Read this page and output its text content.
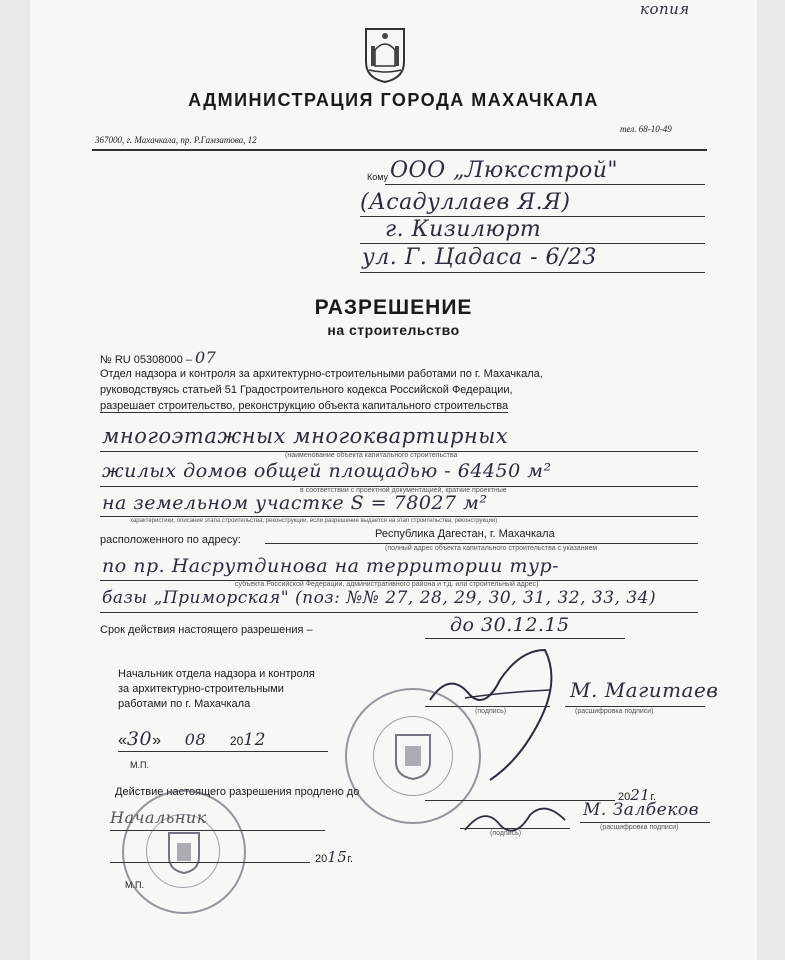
копия
АДМИНИСТРАЦИЯ ГОРОДА МАХАЧКАЛА
367000, г. Махачкала, пр. Р.Гамзатова, 12
тел. 68-10-49
Кому ООО „Люксстрой"
(Асадуллаев Я.Я)
г. Кизилюрт
ул. Г. Цадаса - 6/23
РАЗРЕШЕНИЕ
на строительство
№ RU 05308000 – 07
Отдел надзора и контроля за архитектурно-строительными работами по г. Махачкала,
руководствуясь статьей 51 Градостроительного кодекса Российской Федерации,
разрешает строительство, реконструкцию объекта капитального строительства
многоэтажных многоквартирных
(наименование объекта капитального строительства
жилых домов общей площадью - 64450 м²
в соответствии с проектной документацией, краткие проектные
на земельном участке S = 78027 м²
характеристики, описание этапа строительства, реконструкции, если разрешение выдается на этап строительства, реконструкции)
расположенного по адресу:	Республика Дагестан, г. Махачкала
(полный адрес объекта капитального строительства с указанием
по пр. Насрутдинова на территории тур-
субъекта Российской Федерации, административного района и т.д. или строительный адрес)
базы „Приморская" (поз: №№ 27, 28, 29, 30, 31, 32, 33, 34)
Срок действия настоящего разрешения –	до 30.12.15
Начальник отдела надзора и контроля
за архитектурно-строительными
работами по г. Махачкала
(подпись)
М. Магитаев
(расшифровка подписи)
«30» 08 2012
М.П.
Действие настоящего разрешения продлено до	2021г.
Начальник
(подпись)
М. Залбеков
(расшифровка подписи)
2015г.
М.П.
